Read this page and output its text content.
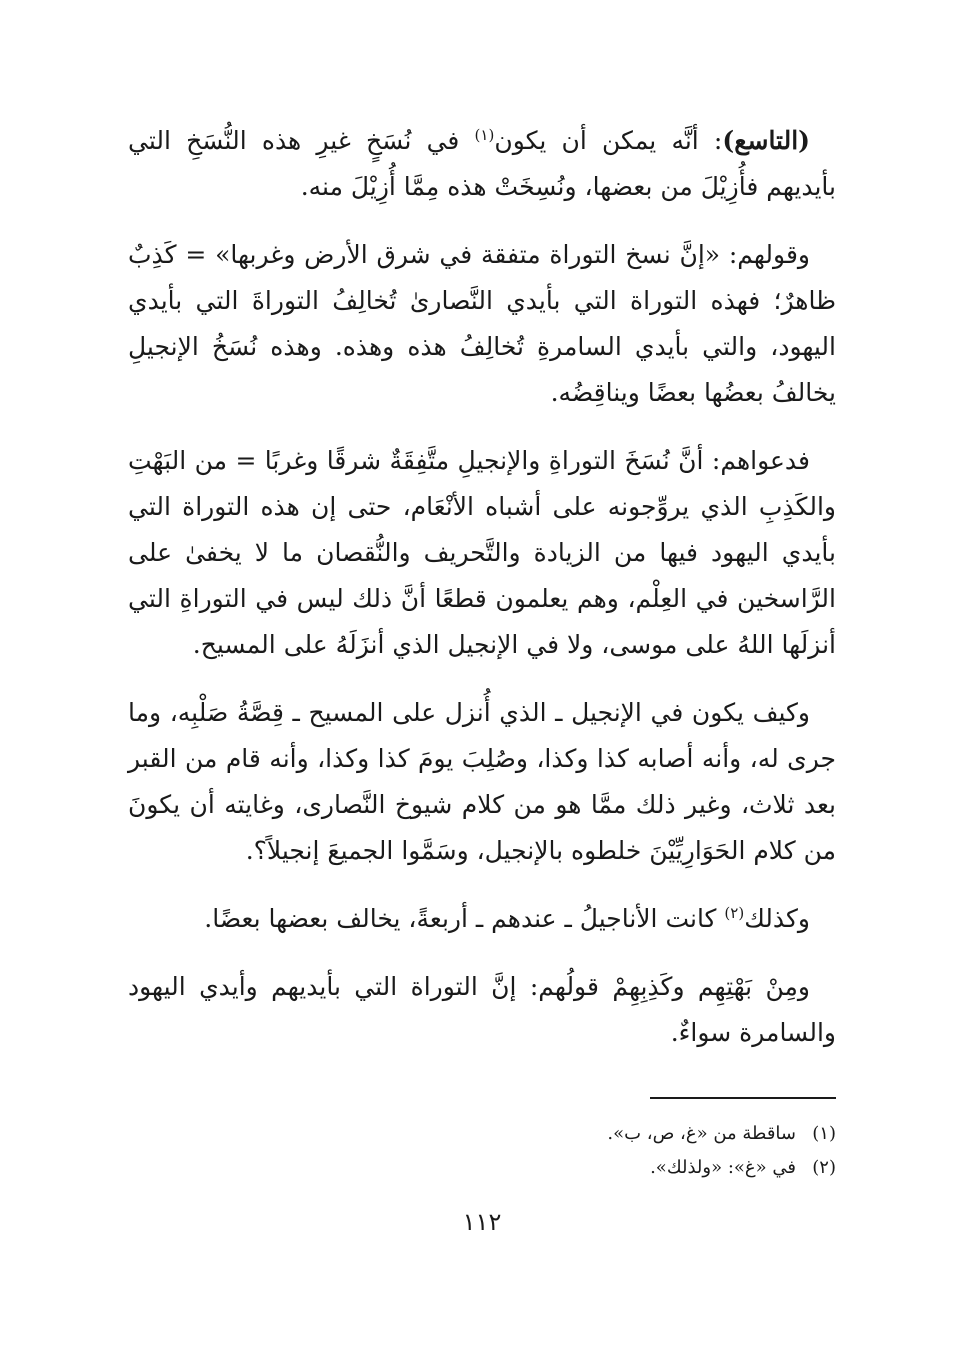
(التاسع): أنَّه يمكن أن يكون$^{(١)}$ في نُسَخٍ غيرِ هذه النُّسَخِ التي بأيديهم فأُزِيْلَ من بعضها، ونُسِخَتْ هذه مِمَّا أُزِيْلَ منه.

وقولهم: «إنَّ نسخ التوراة متفقة في شرق الأرض وغربها» = كَذِبٌ ظاهرٌ؛ فهذه التوراة التي بأيدي النَّصارىٰ تُخالِفُ التوراةَ التي بأيدي اليهود، والتي بأيدي السامرةِ تُخالِفُ هذه وهذه. وهذه نُسَخُ الإنجيلِ يخالفُ بعضُها بعضًا ويناقِضُه.

فدعواهم: أنَّ نُسَخَ التوراةِ والإنجيلِ متَّفِقَةٌ شرقًا وغربًا = من البَهْتِ والكَذِبِ الذي يروِّجونه على أشباه الأنْعَام، حتى إن هذه التوراة التي بأيدي اليهود فيها من الزيادة والتَّحريف والنُّقصان ما لا يخفىٰ على الرَّاسخين في العِلْم، وهم يعلمون قطعًا أنَّ ذلك ليس في التوراةِ التي أنزلَها اللهُ على موسى، ولا في الإنجيل الذي أنزَلَهُ على المسيح.

وكيف يكون في الإنجيل ـ الذي أُنزل على المسيح ـ قِصَّةُ صَلْبِه، وما جرى له، وأنه أصابه كذا وكذا، وصُلِبَ يومَ كذا وكذا، وأنه قام من القبر بعد ثلاث، وغير ذلك ممَّا هو من كلام شيوخ النَّصارى، وغايته أن يكونَ من كلام الحَوَارِيِّيْنَ خلطوه بالإنجيل، وسَمَّوا الجميعَ إنجيلاً؟.

وكذلك$^{(٢)}$ كانت الأناجيلُ ـ عندهم ـ أربعةً، يخالف بعضها بعضًا.

ومِنْ بَهْتِهِم وكَذِبِهِمْ قولُهم: إنَّ التوراة التي بأيديهم وأيدي اليهود والسامرة سواءٌ.

(١)ساقطة من «غ، ص، ب».

(٢)في «غ»: «ولذلك».

١١٢
